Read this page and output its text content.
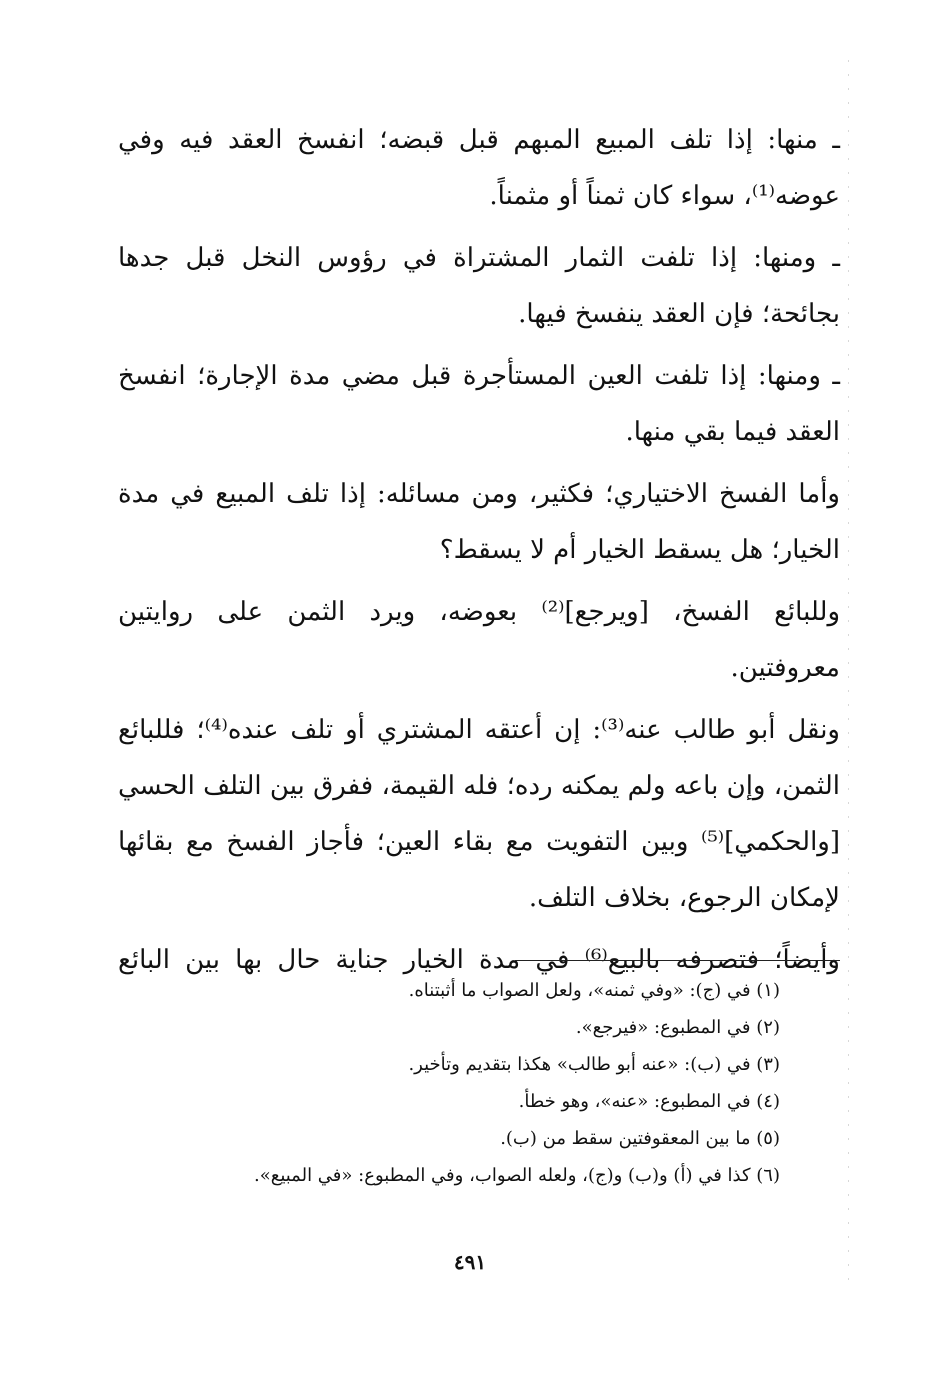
ـ منها: إذا تلف المبيع المبهم قبل قبضه؛ انفسخ العقد فيه وفي عوضه⁽¹⁾، سواء كان ثمناً أو مثمناً.

ـ ومنها: إذا تلفت الثمار المشتراة في رؤوس النخل قبل جدها بجائحة؛ فإن العقد ينفسخ فيها.

ـ ومنها: إذا تلفت العين المستأجرة قبل مضي مدة الإجارة؛ انفسخ العقد فيما بقي منها.

وأما الفسخ الاختياري؛ فكثير، ومن مسائله: إذا تلف المبيع في مدة الخيار؛ هل يسقط الخيار أم لا يسقط؟

وللبائع الفسخ، [ويرجع]⁽²⁾ بعوضه، ويرد الثمن على روايتين معروفتين.

ونقل أبو طالب عنه⁽³⁾: إن أعتقه المشتري أو تلف عنده⁽⁴⁾؛ فللبائع الثمن، وإن باعه ولم يمكنه رده؛ فله القيمة، ففرق بين التلف الحسي [والحكمي]⁽⁵⁾ وبين التفويت مع بقاء العين؛ فأجاز الفسخ مع بقائها لإمكان الرجوع، بخلاف التلف.

وأيضاً؛ فتصرفه بالبيع⁽⁶⁾ في مدة الخيار جناية حال بها بين البائع

(١) في (ج): «وفي ثمنه»، ولعل الصواب ما أثبتناه.

(٢) في المطبوع: «فيرجع».

(٣) في (ب): «عنه أبو طالب» هكذا بتقديم وتأخير.

(٤) في المطبوع: «عنه»، وهو خطأ.

(٥) ما بين المعقوفتين سقط من (ب).

(٦) كذا في (أ) و(ب) و(ج)، ولعله الصواب، وفي المطبوع: «في المبيع».

٤٩١
